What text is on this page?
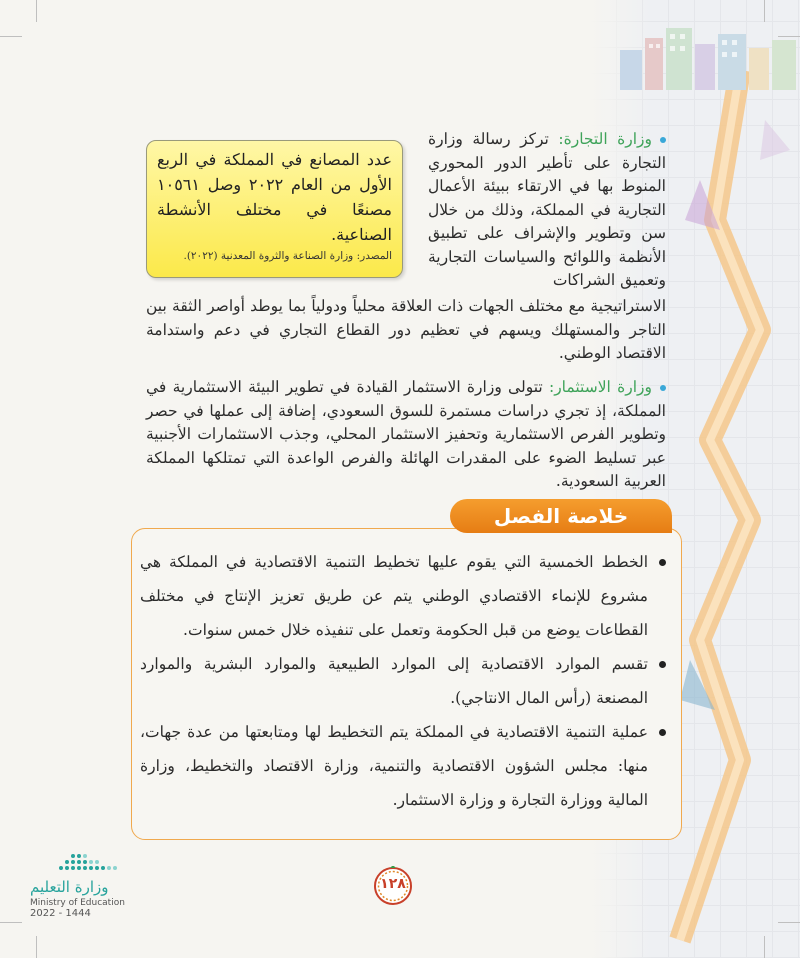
وزارة التجارة: تركز رسالة وزارة التجارة على تأطير الدور المحوري المنوط بها في الارتقاء ببيئة الأعمال التجارية في المملكة، وذلك من خلال سن وتطوير والإشراف على تطبيق الأنظمة واللوائح والسياسات التجارية وتعميق الشراكات
الاستراتيجية مع مختلف الجهات ذات العلاقة محلياً ودولياً بما يوطد أواصر الثقة بين التاجر والمستهلك ويسهم في تعظيم دور القطاع التجاري في دعم واستدامة الاقتصاد الوطني.
عدد المصانع في المملكة في الربع الأول من العام ٢٠٢٢ وصل ١٠٥٦١ مصنعًا في مختلف الأنشطة الصناعية.
المصدر: وزارة الصناعة والثروة المعدنية (٢٠٢٢).
وزارة الاستثمار: تتولى وزارة الاستثمار القيادة في تطوير البيئة الاستثمارية في المملكة، إذ تجري دراسات مستمرة للسوق السعودي، إضافة إلى عملها في حصر وتطوير الفرص الاستثمارية وتحفيز الاستثمار المحلي، وجذب الاستثمارات الأجنبية عبر تسليط الضوء على المقدرات الهائلة والفرص الواعدة التي تمتلكها المملكة العربية السعودية.
خلاصة الفصل
الخطط الخمسية التي يقوم عليها تخطيط التنمية الاقتصادية في المملكة هي مشروع للإنماء الاقتصادي الوطني يتم عن طريق تعزيز الإنتاج في مختلف القطاعات يوضع من قبل الحكومة وتعمل على تنفيذه خلال خمس سنوات.
تقسم الموارد الاقتصادية إلى الموارد الطبيعية والموارد البشرية والموارد المصنعة (رأس المال الانتاجي).
عملية التنمية الاقتصادية في المملكة يتم التخطيط لها ومتابعتها من عدة جهات، منها: مجلس الشؤون الاقتصادية والتنمية، وزارة الاقتصاد والتخطيط، وزارة المالية ووزارة التجارة و وزارة الاستثمار.
وزارة التعليم
Ministry of Education
2022 - 1444
١٢٨
